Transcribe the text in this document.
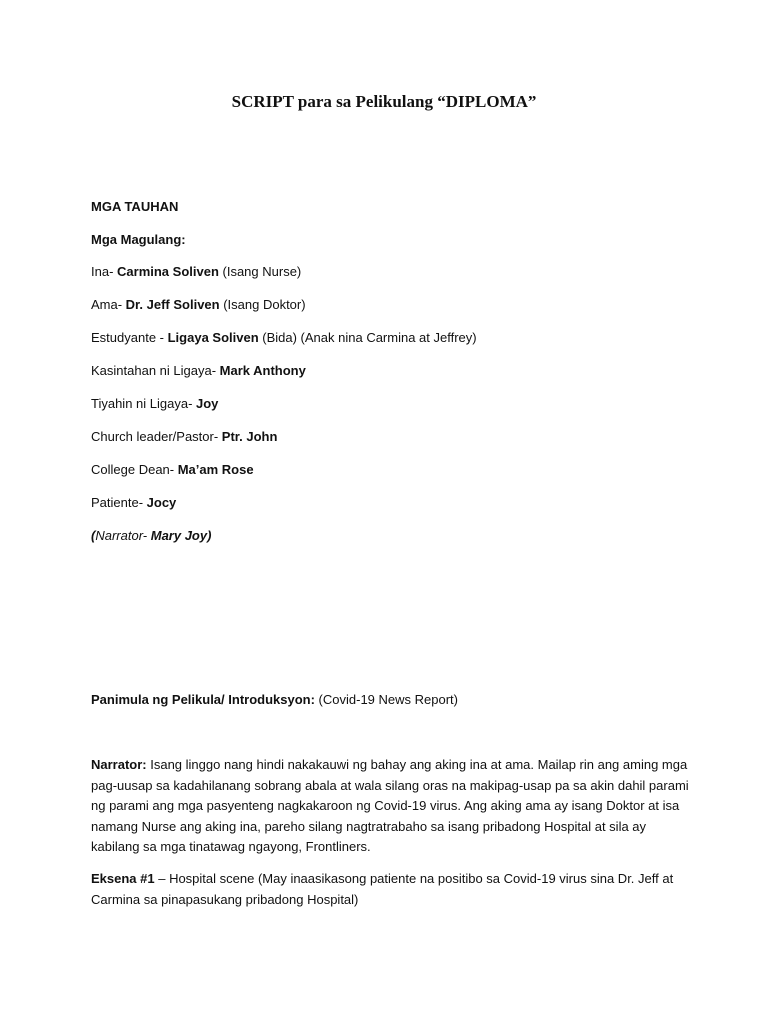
SCRIPT para sa Pelikulang “DIPLOMA”
MGA TAUHAN
Mga Magulang:
Ina- Carmina Soliven (Isang Nurse)
Ama- Dr. Jeff Soliven (Isang Doktor)
Estudyante - Ligaya Soliven (Bida) (Anak nina Carmina at Jeffrey)
Kasintahan ni Ligaya- Mark Anthony
Tiyahin ni Ligaya- Joy
Church leader/Pastor- Ptr. John
College Dean- Ma’am Rose
Patiente- Jocy
(Narrator- Mary Joy)
Panimula ng Pelikula/ Introduksyon: (Covid-19 News Report)
Narrator: Isang linggo nang hindi nakakauwi ng bahay ang aking ina at ama. Mailap rin ang aming mga pag-uusap sa kadahilanang sobrang abala at wala silang oras na makipag-usap pa sa akin dahil parami ng parami ang mga pasyenteng nagkakaroon ng Covid-19 virus. Ang aking ama ay isang Doktor at isa namang Nurse ang aking ina, pareho silang nagtratrabaho sa isang pribadong Hospital at sila ay kabilang sa mga tinatawag ngayong, Frontliners.
Eksena #1 – Hospital scene (May inaasikasong patiente na positibo sa Covid-19 virus sina Dr. Jeff at Carmina sa pinapasukang pribadong Hospital)
